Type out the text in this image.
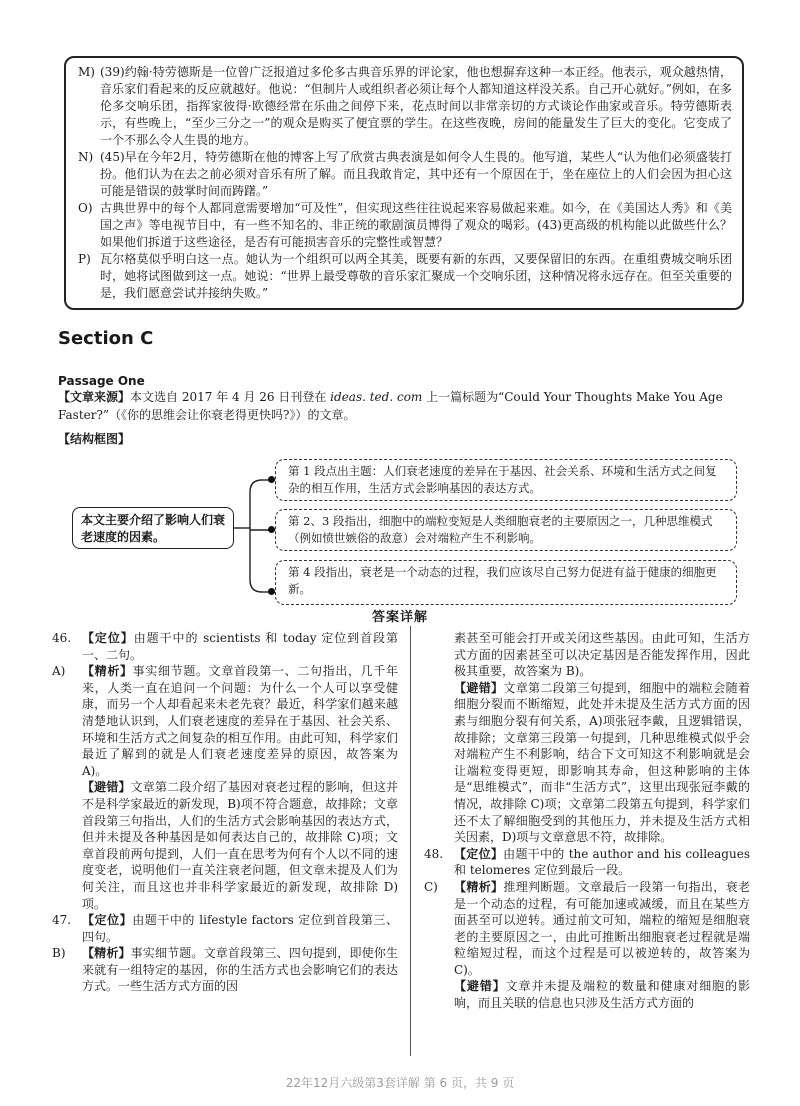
M) (39)约翰·特劳德斯是一位曾广泛报道过多伦多古典音乐界的评论家，他也想摒弃这种一本正经。他表示，观众越热情，音乐家们看起来的反应就越好。他说：“但制片人或组织者必须让每个人都知道这样没关系。自己开心就好。”例如，在多伦多交响乐团，指挥家彼得·欧德经常在乐曲之间停下来，花点时间以非常亲切的方式谈论作曲家或音乐。特劳德斯表示，有些晚上，“至少三分之一”的观众是购买了便宜票的学生。在这些夜晚，房间的能量发生了巨大的变化。它变成了一个不那么令人生畏的地方。

N) (45)早在今年2月，特劳德斯在他的博客上写了欣赏古典表演是如何令人生畏的。他写道，某些人“认为他们必须盛装打扮。他们认为在去之前必须对音乐有所了解。而且我敢肯定，其中还有一个原因在于，坐在座位上的人们会因为担心这可能是错误的鼓掌时间而踌躇。”

O) 古典世界中的每个人都同意需要增加“可及性”，但实现这些往往说起来容易做起来难。如今，在《美国达人秀》和《美国之声》等电视节目中，有一些不知名的、非正统的歌剧演员博得了观众的喝彩。(43)更高级的机构能以此做些什么？如果他们拆道于这些途径，是否有可能损害音乐的完整性或智慧？

P) 瓦尔格莫似乎明白这一点。她认为一个组织可以两全其美，既要有新的东西，又要保留旧的东西。在重组费城交响乐团时，她将试图做到这一点。她说：“世界上最受尊敬的音乐家汇聚成一个交响乐团，这种情况将永远存在。但至关重要的是，我们愿意尝试并接纳失败。”

Section C
Passage One
【文章来源】本文选自 2017 年 4 月 26 日刊登在 ideas. ted. com 上一篇标题为“Could Your Thoughts Make You Age Faster?”（《你的思维会让你衰老得更快吗?》）的文章。
【结构框图】
本文主要介绍了影响人们衰老速度的因素。
第 1 段点出主题：人们衰老速度的差异在于基因、社会关系、环境和生活方式之间复杂的相互作用，生活方式会影响基因的表达方式。
第 2、3 段指出，细胞中的端粒变短是人类细胞衰老的主要原因之一，几种思维模式（例如愤世嫉俗的敌意）会对端粒产生不利影响。
第 4 段指出，衰老是一个动态的过程，我们应该尽自己努力促进有益于健康的细胞更新。
答案详解
46. 【定位】由题干中的 scientists 和 today 定位到首段第一、二句。
A)	【精析】事实细节题。文章首段第一、二句指出，几千年来，人类一直在追问一个问题：为什么一个人可以享受健康，而另一个人却看起来未老先衰？最近，科学家们越来越清楚地认识到，人们衰老速度的差异在于基因、社会关系、环境和生活方式之间复杂的相互作用。由此可知，科学家们最近了解到的就是人们衰老速度差异的原因，故答案为 A)。
【避错】文章第二段介绍了基因对衰老过程的影响，但这并不是科学家最近的新发现，B)项不符合题意，故排除；文章首段第三句指出，人们的生活方式会影响基因的表达方式，但并未提及各种基因是如何表达自己的，故排除 C)项；文章首段前两句提到，人们一直在思考为何有个人以不同的速度变老，说明他们一直关注衰老问题，但文章未提及人们为何关注，而且这也并非科学家最近的新发现，故排除 D)项。
47. 【定位】由题干中的 lifestyle factors 定位到首段第三、四句。
B)	【精析】事实细节题。文章首段第三、四句提到，即使你生来就有一组特定的基因，你的生活方式也会影响它们的表达方式。一些生活方式方面的因
素甚至可能会打开或关闭这些基因。由此可知，生活方式方面的因素甚至可以决定基因是否能发挥作用，因此极其重要，故答案为 B)。
【避错】文章第二段第三句提到，细胞中的端粒会随着细胞分裂而不断缩短，此处并未提及生活方式方面的因素与细胞分裂有何关系，A)项张冠李戴，且逻辑错误，故排除；文章第三段第一句提到，几种思维模式似乎会对端粒产生不利影响，结合下文可知这不利影响就是会让端粒变得更短，即影响其寿命，但这种影响的主体是“思维模式”，而非“生活方式”，这里出现张冠李戴的情况，故排除 C)项；文章第二段第五句提到，科学家们还不太了解细胞受到的其他压力，并未提及生活方式相关因素，D)项与文章意思不符，故排除。
48. 【定位】由题干中的 the author and his colleagues 和 telomeres 定位到最后一段。
C)	【精析】推理判断题。文章最后一段第一句指出，衰老是一个动态的过程，有可能加速或减缓，而且在某些方面甚至可以逆转。通过前文可知，端粒的缩短是细胞衰老的主要原因之一，由此可推断出细胞衰老过程就是端粒缩短过程，而这个过程是可以被逆转的，故答案为 C)。
【避错】文章并未提及端粒的数量和健康对细胞的影响，而且关联的信息也只涉及生活方式方面的
22年12月六级第3套详解 第 6 页，共 9 页
